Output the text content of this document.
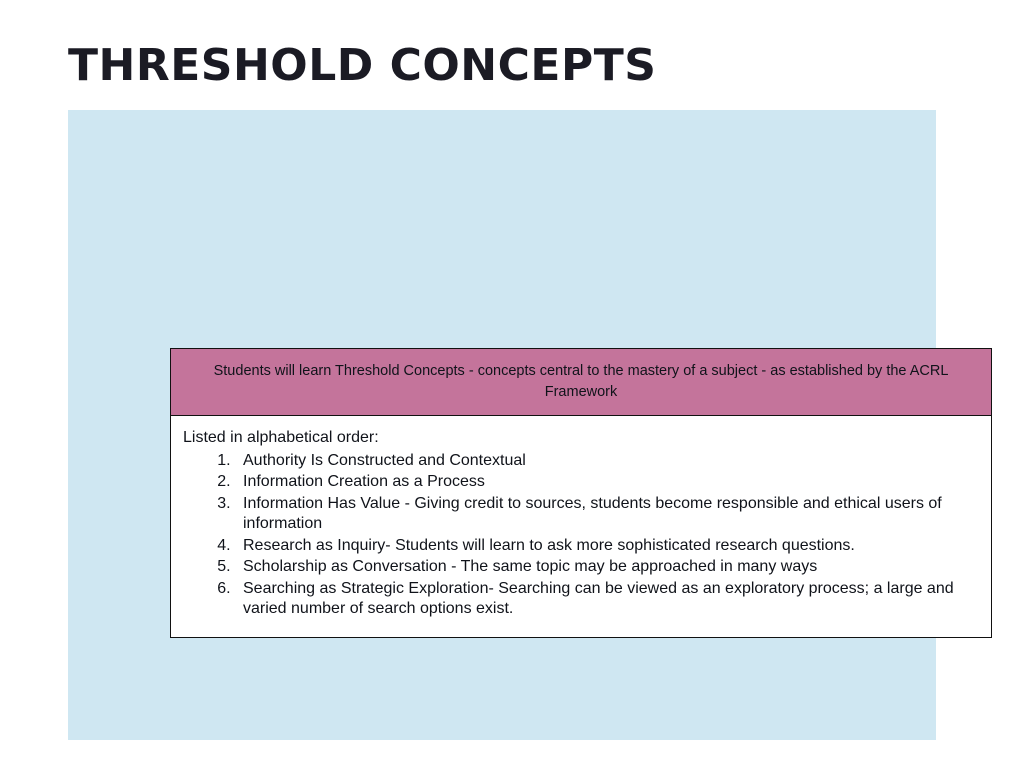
THRESHOLD CONCEPTS
Students will learn Threshold Concepts - concepts central to the mastery of a subject - as established by the ACRL Framework

Listed in alphabetical order:

1. Authority Is Constructed and Contextual
2. Information Creation as a Process
3. Information Has Value - Giving credit to sources, students become responsible and ethical users of information
4. Research as Inquiry- Students will learn to ask more sophisticated research questions.
5. Scholarship as Conversation - The same topic may be approached in many ways
6. Searching as Strategic Exploration- Searching can be viewed as an exploratory process; a large and varied number of search options exist.
